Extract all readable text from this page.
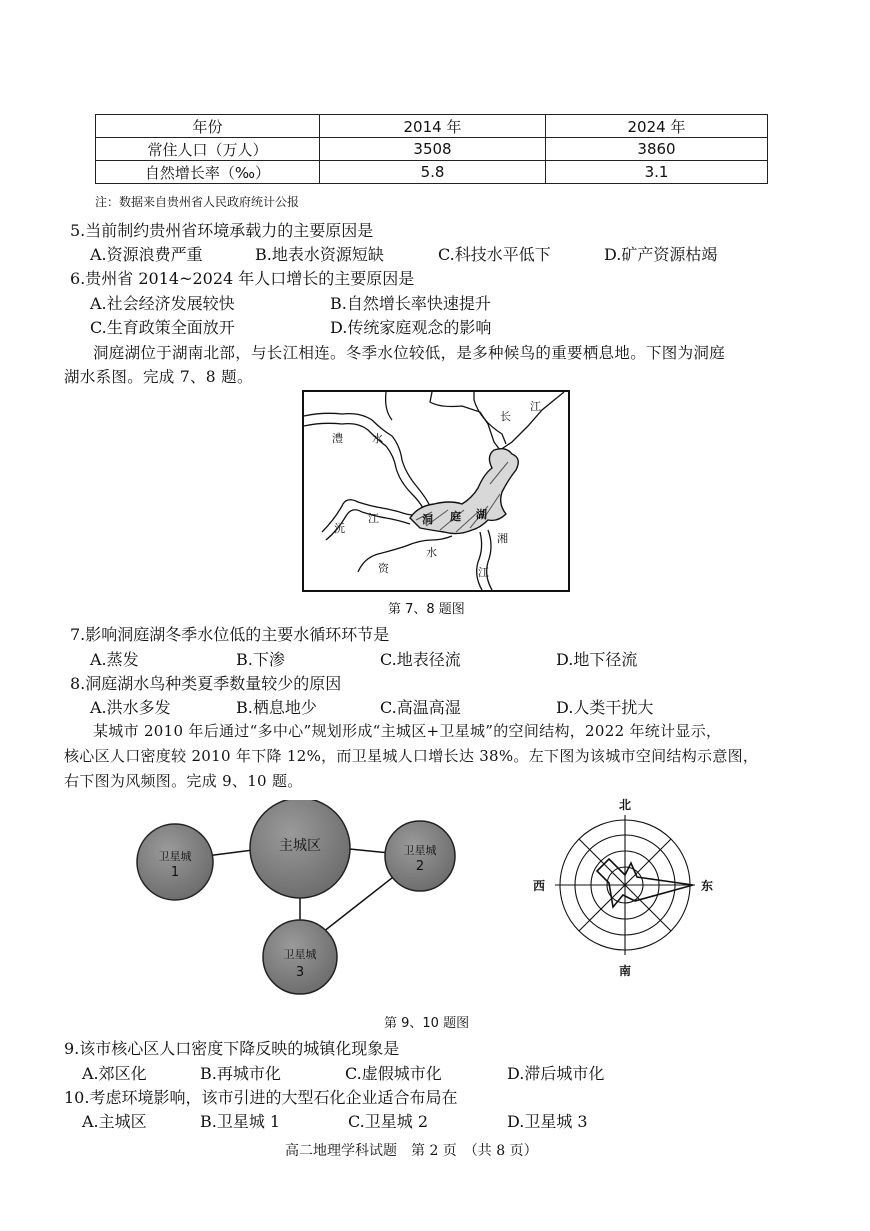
年份	2014 年	2024 年
常住人口（万人）	3508	3860
自然增长率（‰）	5.8	3.1
注：数据来自贵州省人民政府统计公报
5.当前制约贵州省环境承载力的主要原因是
A.资源浪费严重	B.地表水资源短缺	C.科技水平低下	D.矿产资源枯竭
6.贵州省 2014~2024 年人口增长的主要原因是
A.社会经济发展较快	B.自然增长率快速提升
C.生育政策全面放开	D.传统家庭观念的影响
洞庭湖位于湖南北部，与长江相连。冬季水位较低，是多种候鸟的重要栖息地。下图为洞庭
湖水系图。完成 7、8 题。
长
江
澧	水
沅
江	洞 庭 湖
湘
资
水
江
第 7、8 题图
7.影响洞庭湖冬季水位低的主要水循环环节是
A.蒸发	B.下渗	C.地表径流	D.地下径流
8.洞庭湖水鸟种类夏季数量较少的原因
A.洪水多发	B.栖息地少	C.高温高湿	D.人类干扰大
某城市 2010 年后通过“多中心”规划形成“主城区+卫星城”的空间结构，2022 年统计显示，
核心区人口密度较 2010 年下降 12%，而卫星城人口增长达 38%。左下图为该城市空间结构示意图，
右下图为风频图。完成 9、10 题。
主城区
卫星城
1
卫星城
2
卫星城
3
北
南
东
西
第 9、10 题图
9.该市核心区人口密度下降反映的城镇化现象是
A.郊区化	B.再城市化	C.虚假城市化	D.滞后城市化
10.考虑环境影响，该市引进的大型石化企业适合布局在
A.主城区	B.卫星城 1	C.卫星城 2	D.卫星城 3
高二地理学科试题　第 2 页　（共 8 页）
